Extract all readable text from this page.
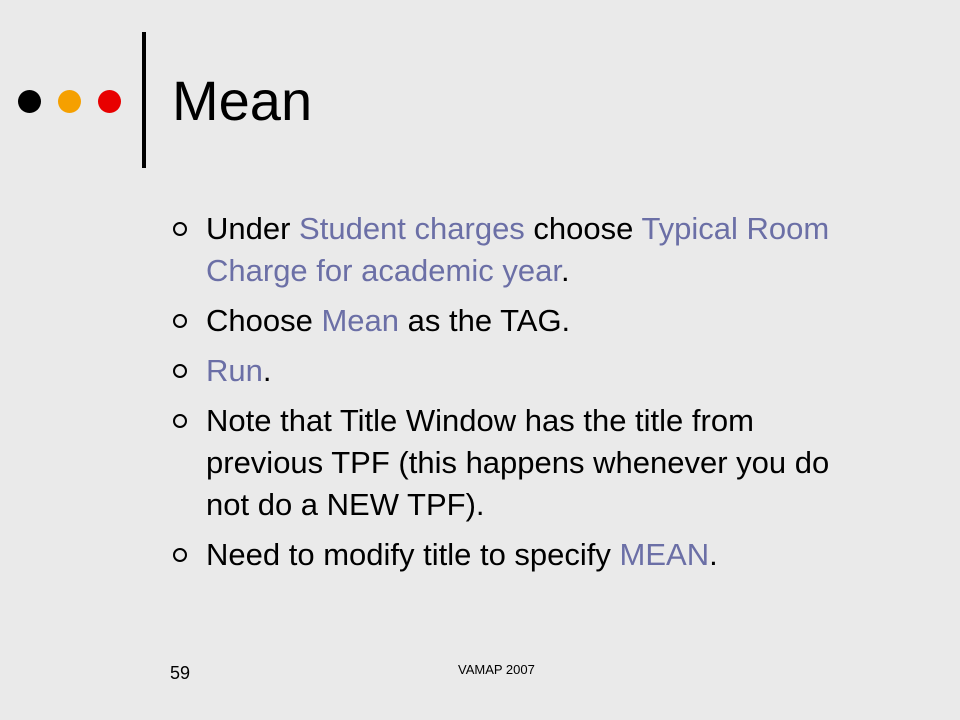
Mean
Under Student charges choose Typical Room Charge for academic year.
Choose Mean as the TAG.
Run.
Note that Title Window has the title from previous TPF (this happens whenever you do not do a NEW TPF).
Need to modify title to specify MEAN.
59	VAMAP 2007
